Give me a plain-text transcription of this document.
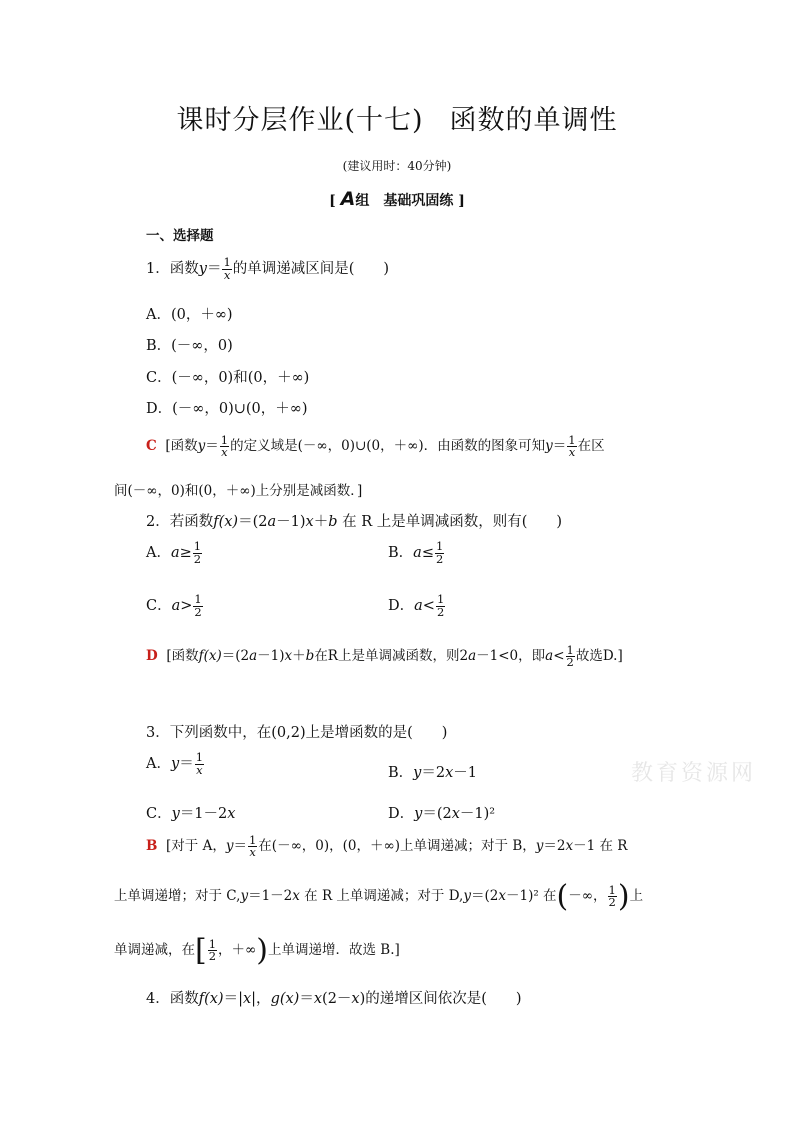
课时分层作业(十七) 函数的单调性
(建议用时：40分钟)
[ A组　基础巩固练 ]
一、选择题
1．函数$y= \frac{1}{x}$ 的单调递减区间是(　　)
A．(0，＋∞)
B．(－∞，0)
C．(－∞，0)和(0，＋∞)
D．(－∞，0)∪(0，＋∞)
C [函数$y= \frac{1}{x}$ 的定义域是(－∞，0)∪(0，＋∞)．由函数的图象可知$y= \frac{1}{x}$ 在区
间(－∞，0)和(0，＋∞)上分别是减函数．]
2．若函数f(x)＝(2a－1)x＋b 在 R 上是单调减函数，则有(　　)
A．$a\ge \frac{1}{2}$	B．$a\le \frac{1}{2}$
C．$a> \frac{1}{2}$	D．$a< \frac{1}{2}$
D [函数f(x)＝(2a－1)x＋b在R上是单调减函数，则2a－1<0，即$a< \frac{1}{2}$ 故选D.]
3．下列函数中，在(0,2)上是增函数的是(　　)
A．$y= \frac{1}{x}$	B．y＝2x－1
C．y＝1－2x	D．y＝(2x－1)²
B [对于 A，$y= \frac{1}{x}$ 在(－∞，0)，(0，＋∞)上单调递减；对于 B，y＝2x－1 在 R
上单调递增；对于 C,y＝1－2x 在 R 上单调递减；对于 D,y＝(2x－1)² 在(－∞， $\frac{1}{2}$ )上
单调递减，在[ $\frac{1}{2}$ ，＋∞)上单调递增．故选 B.]
4．函数f(x)＝|x|，g(x)＝x(2－x)的递增区间依次是(　　)
教育资源网
